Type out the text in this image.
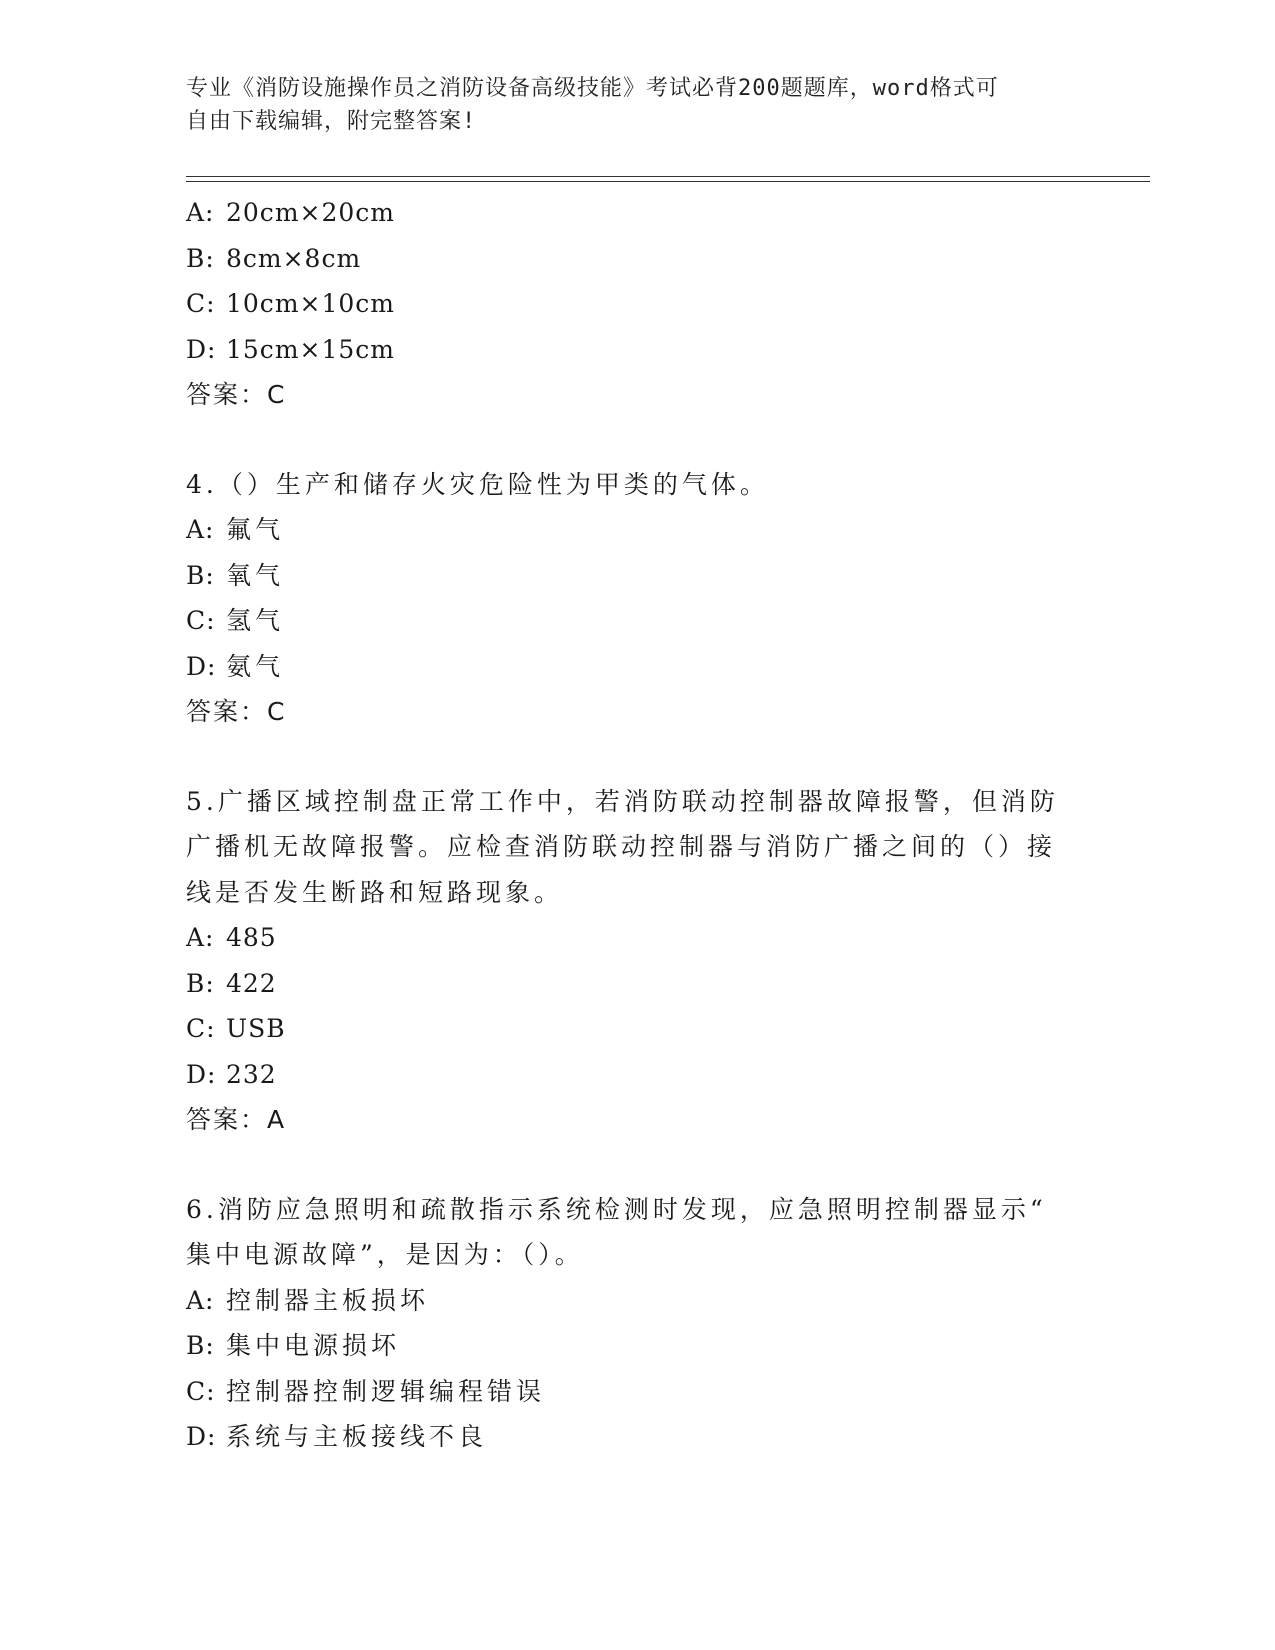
专业《消防设施操作员之消防设备高级技能》考试必背200题题库，word格式可
自由下载编辑，附完整答案!
A: 20cm×20cm
B: 8cm×8cm
C: 10cm×10cm
D: 15cm×15cm
答案：C
4.（）生产和储存火灾危险性为甲类的气体。
A: 氟气
B: 氧气
C: 氢气
D: 氨气
答案：C
5.广播区域控制盘正常工作中，若消防联动控制器故障报警，但消防
广播机无故障报警。应检查消防联动控制器与消防广播之间的（）接
线是否发生断路和短路现象。
A: 485
B: 422
C: USB
D: 232
答案：A
6.消防应急照明和疏散指示系统检测时发现，应急照明控制器显示“
集中电源故障”，是因为：（）。
A: 控制器主板损坏
B: 集中电源损坏
C: 控制器控制逻辑编程错误
D: 系统与主板接线不良
